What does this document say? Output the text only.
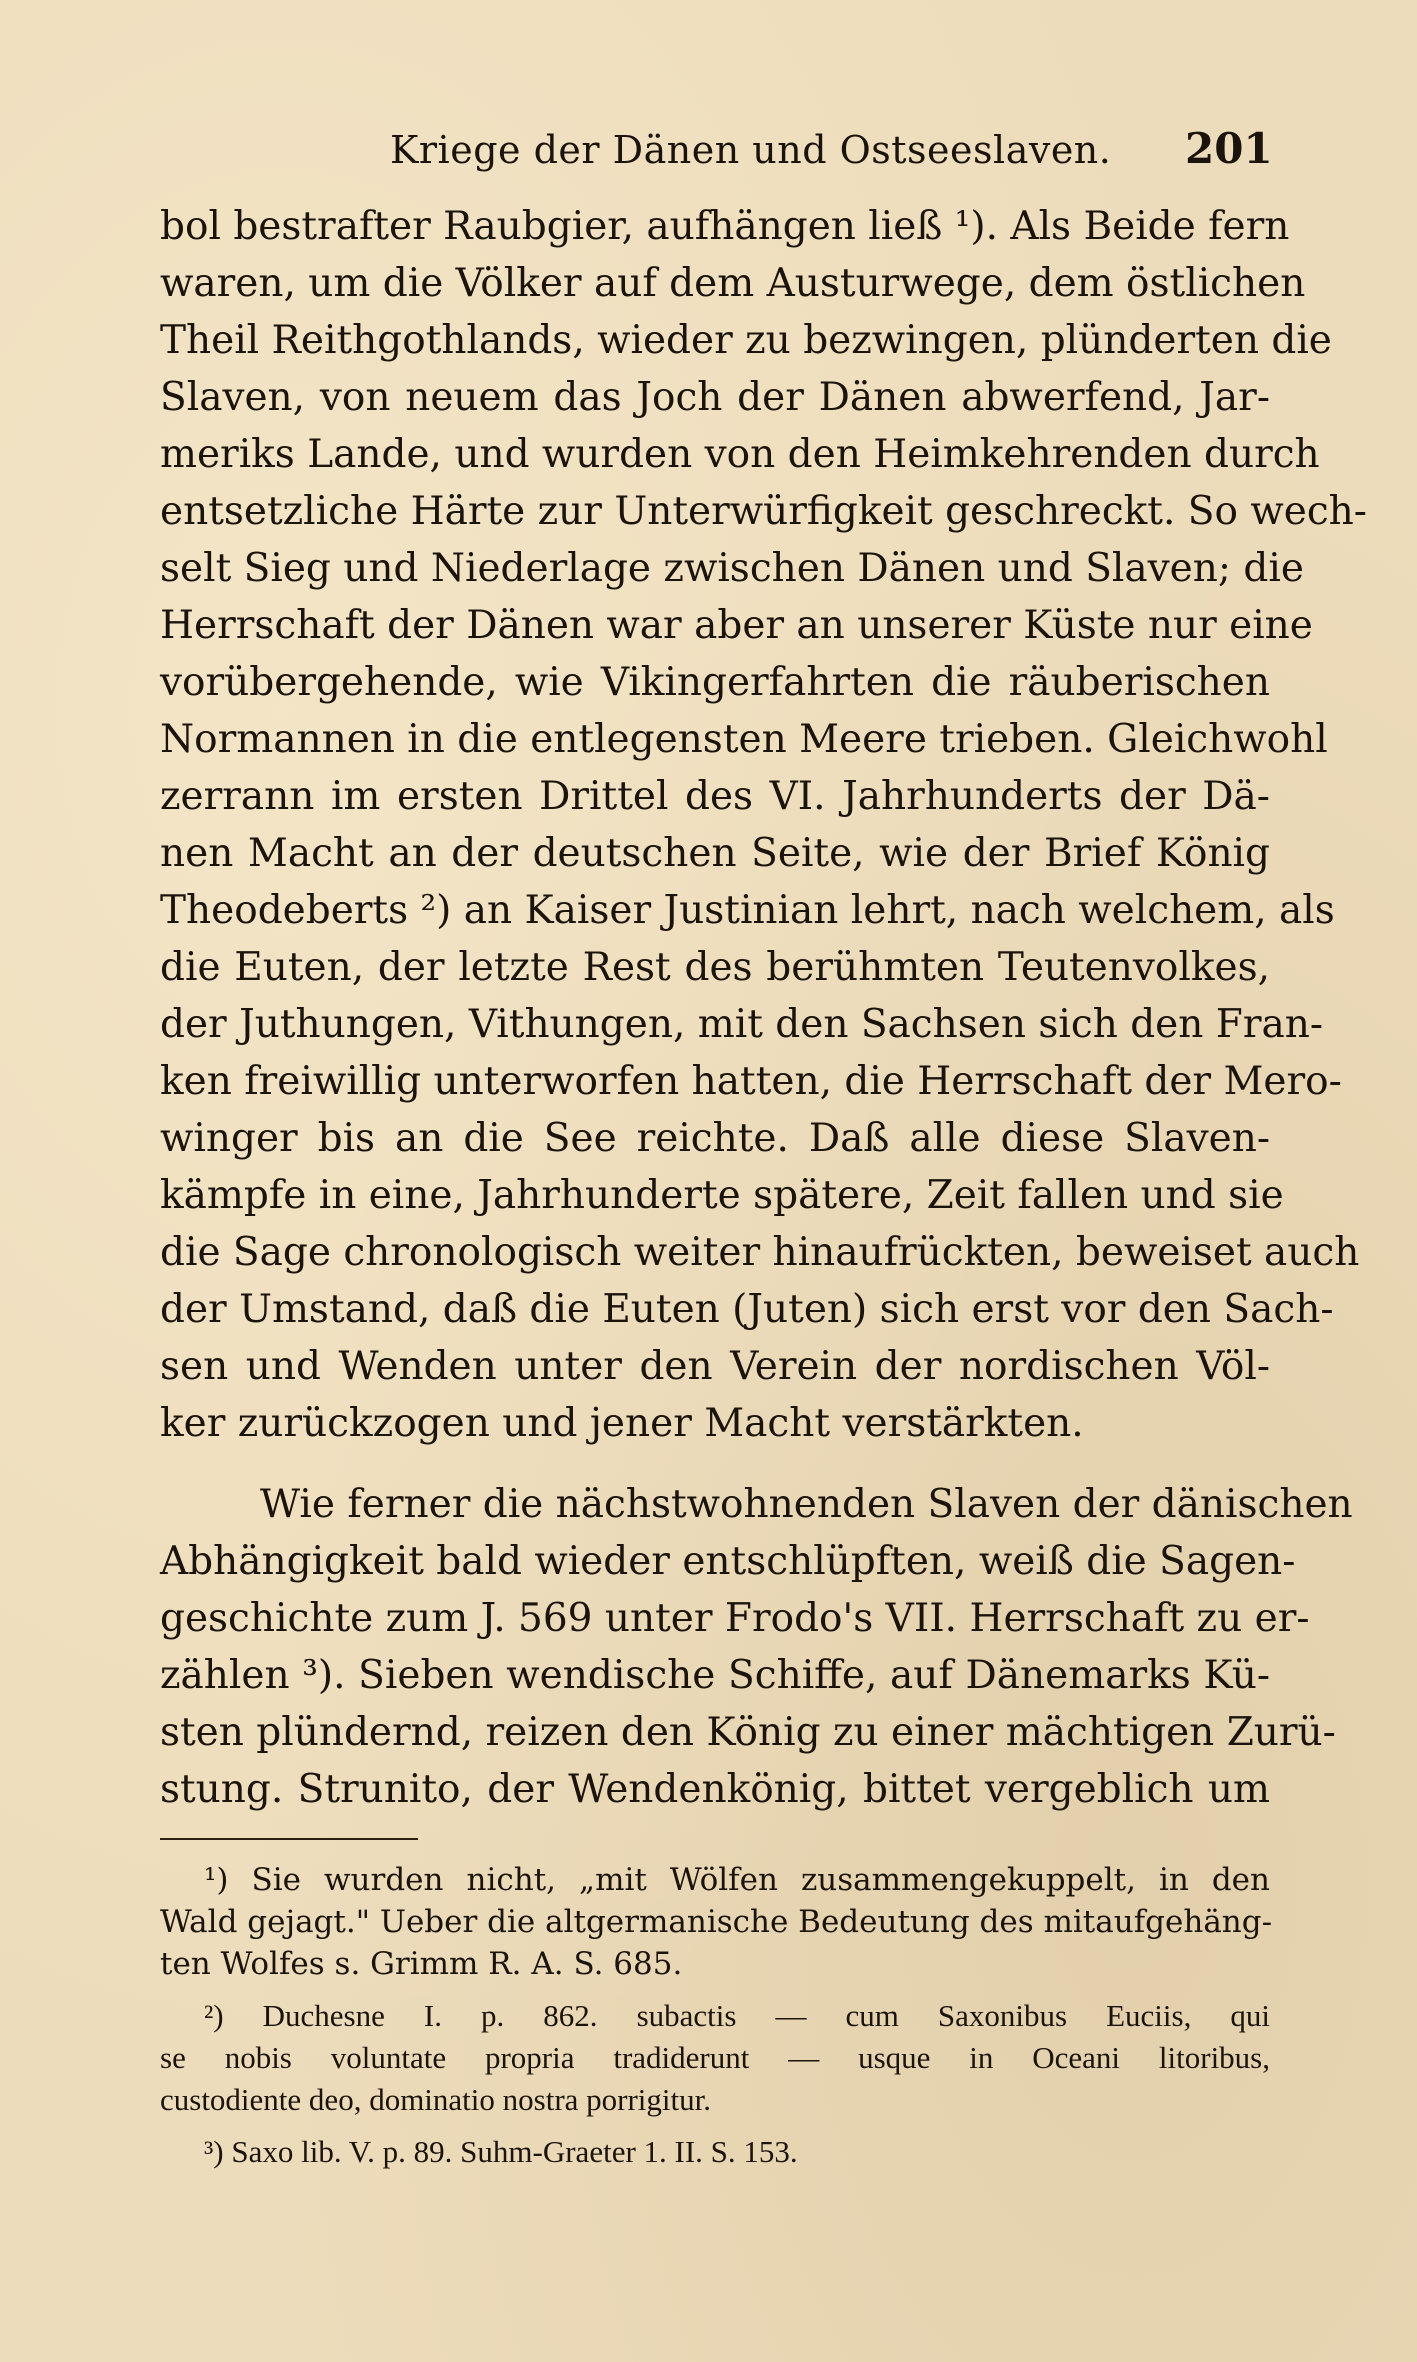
Kriege der Dänen und Ostseeslaven. 201
bol bestrafter Raubgier, aufhängen ließ ¹). Als Beide fern
waren, um die Völker auf dem Austurwege, dem östlichen
Theil Reithgothlands, wieder zu bezwingen, plünderten die
Slaven, von neuem das Joch der Dänen abwerfend, Jar-
meriks Lande, und wurden von den Heimkehrenden durch
entsetzliche Härte zur Unterwürfigkeit geschreckt. So wech-
selt Sieg und Niederlage zwischen Dänen und Slaven; die
Herrschaft der Dänen war aber an unserer Küste nur eine
vorübergehende, wie Vikingerfahrten die räuberischen
Normannen in die entlegensten Meere trieben. Gleichwohl
zerrann im ersten Drittel des VI. Jahrhunderts der Dä-
nen Macht an der deutschen Seite, wie der Brief König
Theodeberts ²) an Kaiser Justinian lehrt, nach welchem, als
die Euten, der letzte Rest des berühmten Teutenvolkes,
der Juthungen, Vithungen, mit den Sachsen sich den Fran-
ken freiwillig unterworfen hatten, die Herrschaft der Mero-
winger bis an die See reichte. Daß alle diese Slaven-
kämpfe in eine, Jahrhunderte spätere, Zeit fallen und sie
die Sage chronologisch weiter hinaufrückten, beweiset auch
der Umstand, daß die Euten (Juten) sich erst vor den Sach-
sen und Wenden unter den Verein der nordischen Völ-
ker zurückzogen und jener Macht verstärkten.
Wie ferner die nächstwohnenden Slaven der dänischen
Abhängigkeit bald wieder entschlüpften, weiß die Sagen-
geschichte zum J. 569 unter Frodo's VII. Herrschaft zu er-
zählen ³). Sieben wendische Schiffe, auf Dänemarks Kü-
sten plündernd, reizen den König zu einer mächtigen Zurü-
stung. Strunito, der Wendenkönig, bittet vergeblich um
¹) Sie wurden nicht, „mit Wölfen zusammengekuppelt, in den
Wald gejagt." Ueber die altgermanische Bedeutung des mitaufgehäng-
ten Wolfes s. Grimm R. A. S. 685.
²) Duchesne I. p. 862. subactis — cum Saxonibus Euciis, qui
se nobis voluntate propria tradiderunt — usque in Oceani litoribus,
custodiente deo, dominatio nostra porrigitur.
³) Saxo lib. V. p. 89. Suhm-Graeter 1. II. S. 153.
